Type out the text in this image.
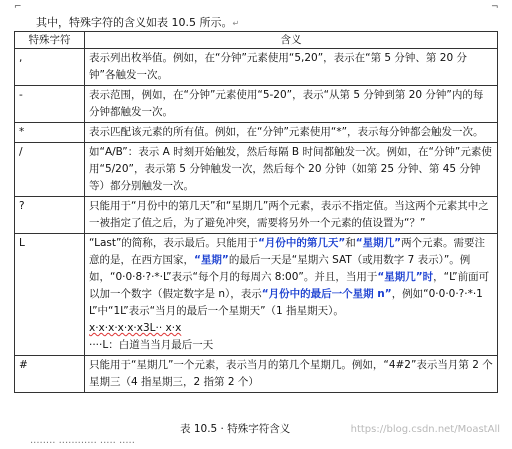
⌐	¬
其中，特殊字符的含义如表 10.5 所示。↵
特殊字符	含义
,	表示列出枚举值。例如，在“分钟”元素使用“5,20”，表示在“第 5 分钟、第 20 分钟”各触发一次。
-	表示范围，例如，在“分钟”元素使用“5-20”，表示“从第 5 分钟到第 20 分钟”内的每分钟都触发一次。
*	表示匹配该元素的所有值。例如，在“分钟”元素使用“*”，表示每分钟都会触发一次。
/	如“A/B”：表示 A 时刻开始触发，然后每隔 B 时间都触发一次。例如，在“分钟”元素使用“5/20”，表示第 5 分钟触发一次，然后每个 20 分钟（如第 25 分钟、第 45 分钟等）都分别触发一次。
?	只能用于“月份中的第几天”和“星期几”两个元素，表示不指定值。当这两个元素其中之一被指定了值之后，为了避免冲突，需要将另外一个元素的值设置为“？”
L	“Last”的简称，表示最后。只能用于“月份中的第几天”和“星期几”两个元素。需要注意的是，在西方国家，“星期”的最后一天是“星期六 SAT（或用数字 7 表示）”。例如，“0·0·8·?·*·L”表示“每个月的每周六 8:00”。并且，当用于“星期几”时，“L”前面可以加一个数字（假定数字是 n），表示“月份中的最后一个星期 n”，例如“0·0·0·?·*·1L”中“1L”表示“当月的最后一个星期天”（1 指星期天）。
x·x·x·x·x·x3L·· x·x
····L：白道当当月最后一天

#	只能用于“星期几”一个元素，表示当月的第几个星期几。例如，“4#2”表示当月第 2 个星期三（4 指星期三，2 指第 2 个）
表 10.5 · 特殊字符含义	https://blog.csdn.net/MoastAll
········ ············ ····· ·····
